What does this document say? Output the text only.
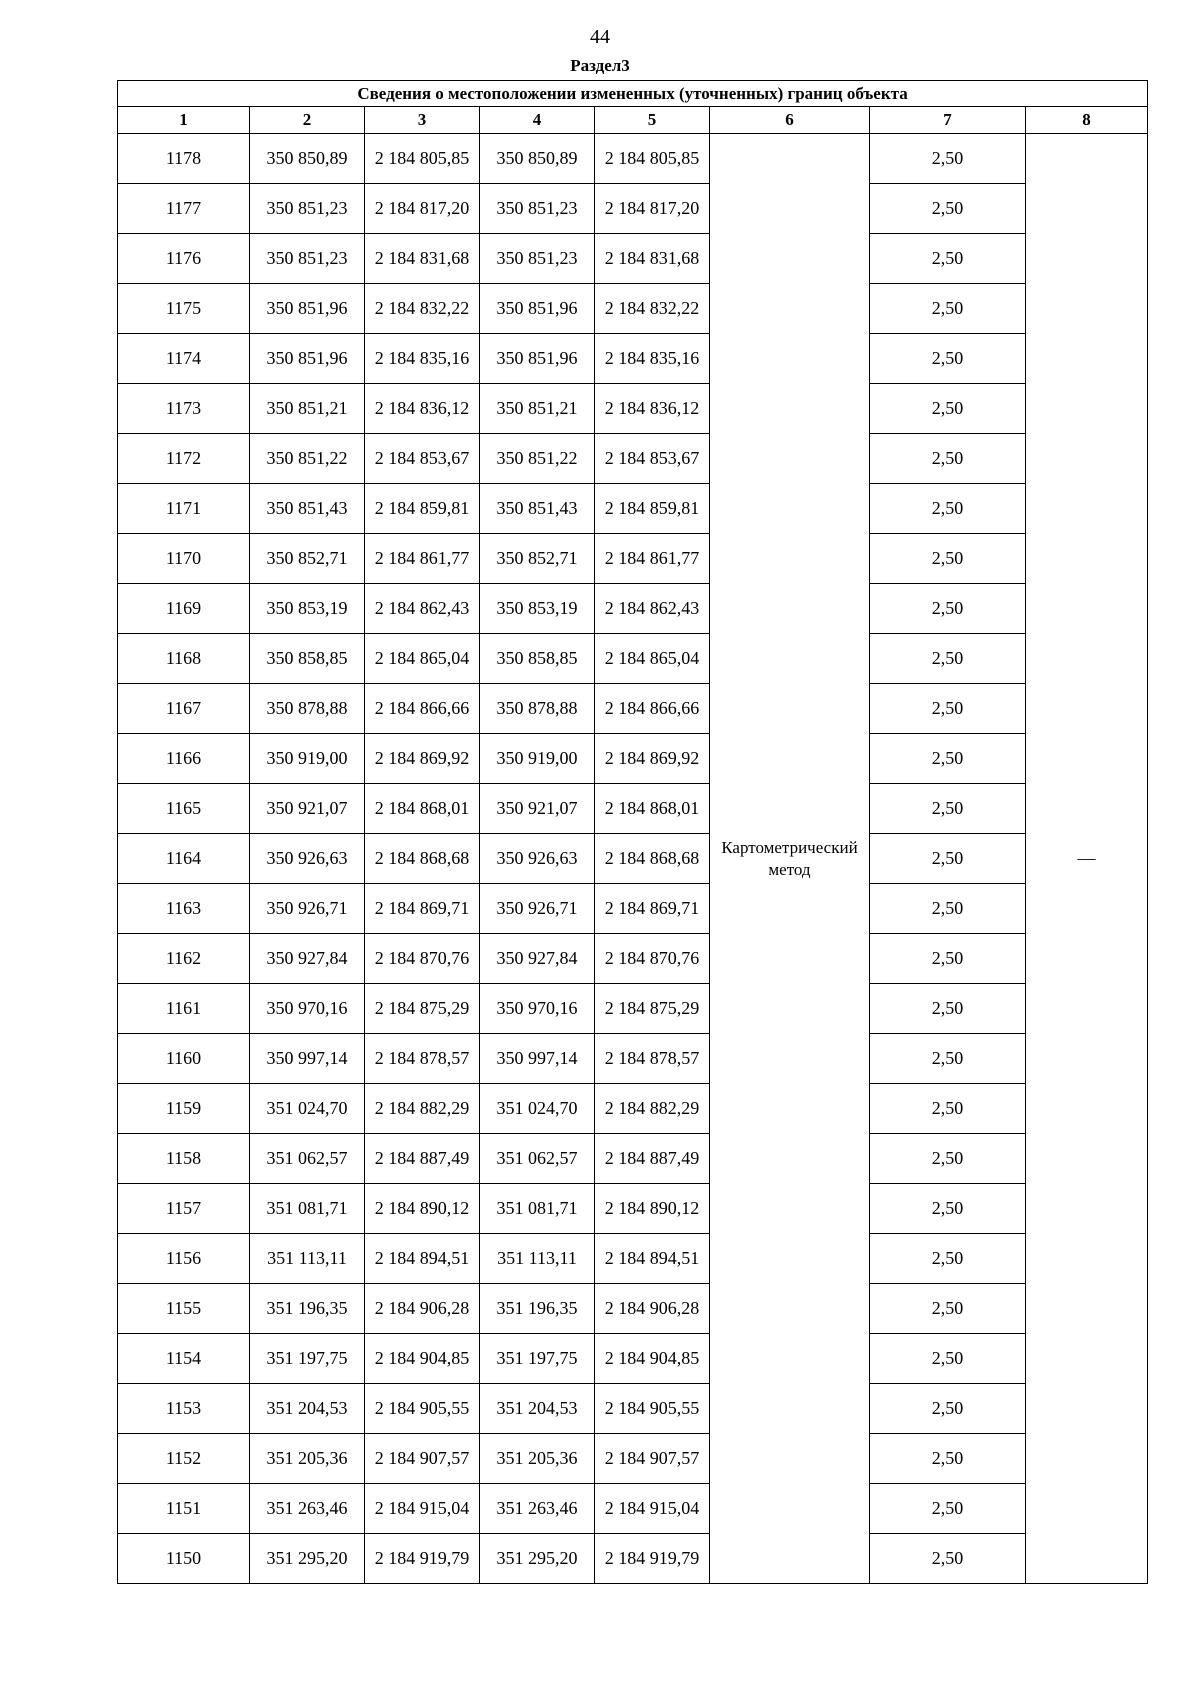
44
Раздел3
Сведения о местоположении измененных (уточненных) границ объекта							
1	2	3	4	5	6	7	8
1178	350 850,89	2 184 805,85	350 850,89	2 184 805,85	Картометрический метод	2,50	—
1177	350 851,23	2 184 817,20	350 851,23	2 184 817,20		2,50	
1176	350 851,23	2 184 831,68	350 851,23	2 184 831,68		2,50	
1175	350 851,96	2 184 832,22	350 851,96	2 184 832,22		2,50	
1174	350 851,96	2 184 835,16	350 851,96	2 184 835,16		2,50	
1173	350 851,21	2 184 836,12	350 851,21	2 184 836,12		2,50	
1172	350 851,22	2 184 853,67	350 851,22	2 184 853,67		2,50	
1171	350 851,43	2 184 859,81	350 851,43	2 184 859,81		2,50	
1170	350 852,71	2 184 861,77	350 852,71	2 184 861,77		2,50	
1169	350 853,19	2 184 862,43	350 853,19	2 184 862,43		2,50	
1168	350 858,85	2 184 865,04	350 858,85	2 184 865,04		2,50	
1167	350 878,88	2 184 866,66	350 878,88	2 184 866,66		2,50	
1166	350 919,00	2 184 869,92	350 919,00	2 184 869,92		2,50	
1165	350 921,07	2 184 868,01	350 921,07	2 184 868,01		2,50	
1164	350 926,63	2 184 868,68	350 926,63	2 184 868,68		2,50	
1163	350 926,71	2 184 869,71	350 926,71	2 184 869,71		2,50	
1162	350 927,84	2 184 870,76	350 927,84	2 184 870,76		2,50	
1161	350 970,16	2 184 875,29	350 970,16	2 184 875,29		2,50	
1160	350 997,14	2 184 878,57	350 997,14	2 184 878,57		2,50	
1159	351 024,70	2 184 882,29	351 024,70	2 184 882,29		2,50	
1158	351 062,57	2 184 887,49	351 062,57	2 184 887,49		2,50	
1157	351 081,71	2 184 890,12	351 081,71	2 184 890,12		2,50	
1156	351 113,11	2 184 894,51	351 113,11	2 184 894,51		2,50	
1155	351 196,35	2 184 906,28	351 196,35	2 184 906,28		2,50	
1154	351 197,75	2 184 904,85	351 197,75	2 184 904,85		2,50	
1153	351 204,53	2 184 905,55	351 204,53	2 184 905,55		2,50	
1152	351 205,36	2 184 907,57	351 205,36	2 184 907,57		2,50	
1151	351 263,46	2 184 915,04	351 263,46	2 184 915,04		2,50	
1150	351 295,20	2 184 919,79	351 295,20	2 184 919,79		2,50	
